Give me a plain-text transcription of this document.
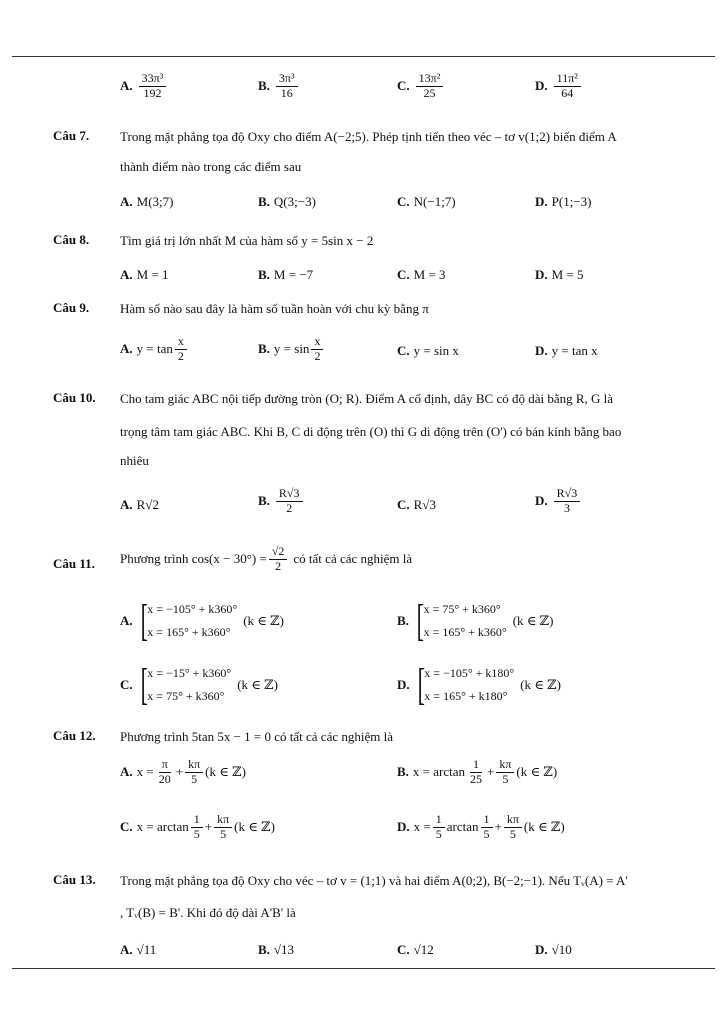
A. $\frac{\text{33π³}}{192}$	B. $\frac{\text{3π³}}{16}$	C. $\frac{\text{13π²}}{25}$	D. $\frac{\text{11π²}}{64}$
Câu 7. Trong mặt phẳng tọa độ Oxy cho điểm A(−2;5). Phép tịnh tiến theo véc – tơ v(1;2) biến điểm A
thành điểm nào trong các điểm sau
A. M(3;7)	B. Q(3;−3)	C. N(−1;7)	D. P(1;−3)
Câu 8. Tìm giá trị lớn nhất M của hàm số y = 5sin x − 2
A. M = 1	B. M = −7	C. M = 3	D. M = 5
Câu 9. Hàm số nào sau đây là hàm số tuần hoàn với chu kỳ bằng π
A. $y = \tan \frac{x}{2}$	B. $y = \sin \frac{x}{2}$	C. y = sin x	D. y = tan x
Câu 10. Cho tam giác ABC nội tiếp đường tròn (O; R). Điểm A cố định, dây BC có độ dài bằng R, G là
trọng tâm tam giác ABC. Khi B, C di động trên (O) thì G di động trên (O') có bán kính bằng bao
nhiêu
A. R√2	B. $\frac{R√3}{2}$	C. R√3	D. $\frac{R√3}{3}$
Câu 11. Phương trình $\cos(x - 30^\circ) = \frac{√2}{2}$ có tất cả các nghiệm là
A. [ x = −105° + k360°
x = 165° + k360°
(k ∈ ℤ)	B. [ x = 75° + k360°
x = 165° + k360°
(k ∈ ℤ)
C. [ x = −15° + k360°
x = 75° + k360°
(k ∈ ℤ)	D. [ x = −105° + k180°
x = 165° + k180°
(k ∈ ℤ)
Câu 12. Phương trình 5tan 5x − 1 = 0 có tất cả các nghiệm là
A. $x = \frac{\pi}{20} + \frac{k\pi}{5} (k$ ∈ ℤ)	B. $x = \arctan \frac{1}{25} + \frac{k\pi}{5} (k$ ∈ ℤ)
C. $x = \arctan \frac{1}{5} + \frac{k\pi}{5} (k$ ∈ ℤ)	D. $x = \frac{1}{5}$ $\arctan \frac{1}{5} + \frac{k\pi}{5} (k$ ∈ ℤ)
Câu 13. Trong mặt phẳng tọa độ Oxy cho véc – tơ v = (1;1) và hai điểm A(0;2), B(−2;−1). Nếu Tᵥ(A) = A'
, Tᵥ(B) = B'. Khi đó độ dài A'B' là
A. √11	B. √13	C. √12	D. √10
